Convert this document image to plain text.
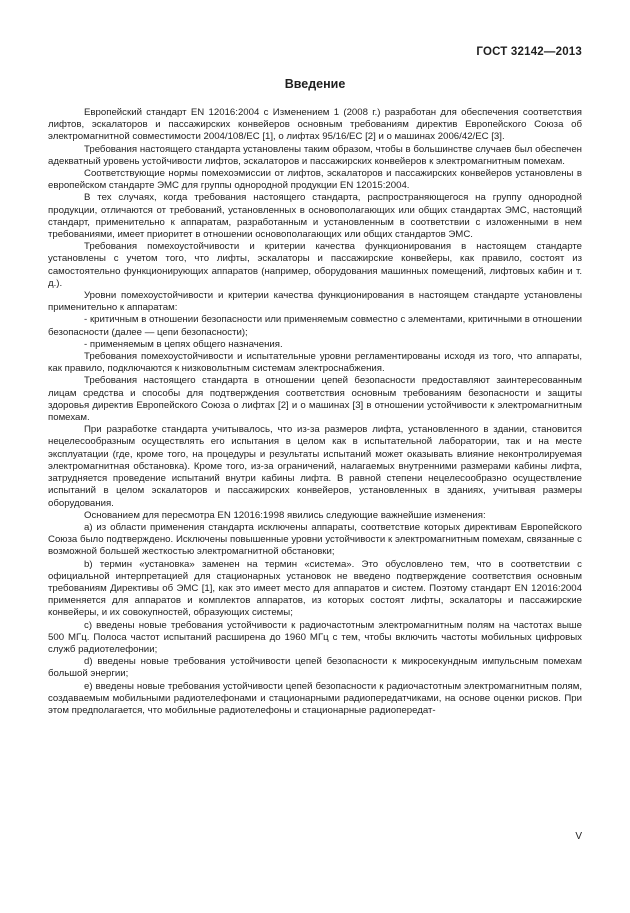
ГОСТ 32142—2013
Введение

Европейский стандарт EN 12016:2004 с Изменением 1 (2008 г.) разработан для обеспечения соответствия лифтов, эскалаторов и пассажирских конвейеров основным требованиям директив Европейского Союза об электромагнитной совместимости 2004/108/EC [1], о лифтах 95/16/EC [2] и о машинах 2006/42/EC [3].

Требования настоящего стандарта установлены таким образом, чтобы в большинстве случаев был обеспечен адекватный уровень устойчивости лифтов, эскалаторов и пассажирских конвейеров к электромагнитным помехам.

Соответствующие нормы помехоэмиссии от лифтов, эскалаторов и пассажирских конвейеров установлены в европейском стандарте ЭМС для группы однородной продукции EN 12015:2004.

В тех случаях, когда требования настоящего стандарта, распространяющегося на группу однородной продукции, отличаются от требований, установленных в основополагающих или общих стандартах ЭМС, настоящий стандарт, применительно к аппаратам, разработанным и установленным в соответствии с изложенными в нем требованиями, имеет приоритет в отношении основополагающих или общих стандартов ЭМС.

Требования помехоустойчивости и критерии качества функционирования в настоящем стандарте установлены с учетом того, что лифты, эскалаторы и пассажирские конвейеры, как правило, состоят из самостоятельно функционирующих аппаратов (например, оборудования машинных помещений, лифтовых кабин и т. д.).

Уровни помехоустойчивости и критерии качества функционирования в настоящем стандарте установлены применительно к аппаратам:

- критичным в отношении безопасности или применяемым совместно с элементами, критичными в отношении безопасности (далее — цепи безопасности);

- применяемым в цепях общего назначения.

Требования помехоустойчивости и испытательные уровни регламентированы исходя из того, что аппараты, как правило, подключаются к низковольтным системам электроснабжения.

Требования настоящего стандарта в отношении цепей безопасности предоставляют заинтересованным лицам средства и способы для подтверждения соответствия основным требованиям безопасности и защиты здоровья директив Европейского Союза о лифтах [2] и о машинах [3] в отношении устойчивости к электромагнитным помехам.

При разработке стандарта учитывалось, что из-за размеров лифта, установленного в здании, становится нецелесообразным осуществлять его испытания в целом как в испытательной лаборатории, так и на месте эксплуатации (где, кроме того, на процедуры и результаты испытаний может оказывать влияние неконтролируемая электромагнитная обстановка). Кроме того, из-за ограничений, налагаемых внутренними размерами кабины лифта, затрудняется проведение испытаний внутри кабины лифта. В равной степени нецелесообразно осуществление испытаний в целом эскалаторов и пассажирских конвейеров, установленных в зданиях, учитывая размеры оборудования.

Основанием для пересмотра EN 12016:1998 явились следующие важнейшие изменения:

a) из области применения стандарта исключены аппараты, соответствие которых директивам Европейского Союза было подтверждено. Исключены повышенные уровни устойчивости к электромагнитным помехам, связанные с возможной большей жесткостью электромагнитной обстановки;

b) термин «установка» заменен на термин «система». Это обусловлено тем, что в соответствии с официальной интерпретацией для стационарных установок не введено подтверждение соответствия основным требованиям Директивы об ЭМС [1], как это имеет место для аппаратов и систем. Поэтому стандарт EN 12016:2004 применяется для аппаратов и комплектов аппаратов, из которых состоят лифты, эскалаторы и пассажирские конвейеры, и их совокупностей, образующих системы;

c) введены новые требования устойчивости к радиочастотным электромагнитным полям на частотах выше 500 МГц. Полоса частот испытаний расширена до 1960 МГц с тем, чтобы включить частоты мобильных цифровых служб радиотелефонии;

d) введены новые требования устойчивости цепей безопасности к микросекундным импульсным помехам большой энергии;

e) введены новые требования устойчивости цепей безопасности к радиочастотным электромагнитным полям, создаваемым мобильными радиотелефонами и стационарными радиопередатчиками, на основе оценки рисков. При этом предполагается, что мобильные радиотелефоны и стационарные радиопередат-

V
